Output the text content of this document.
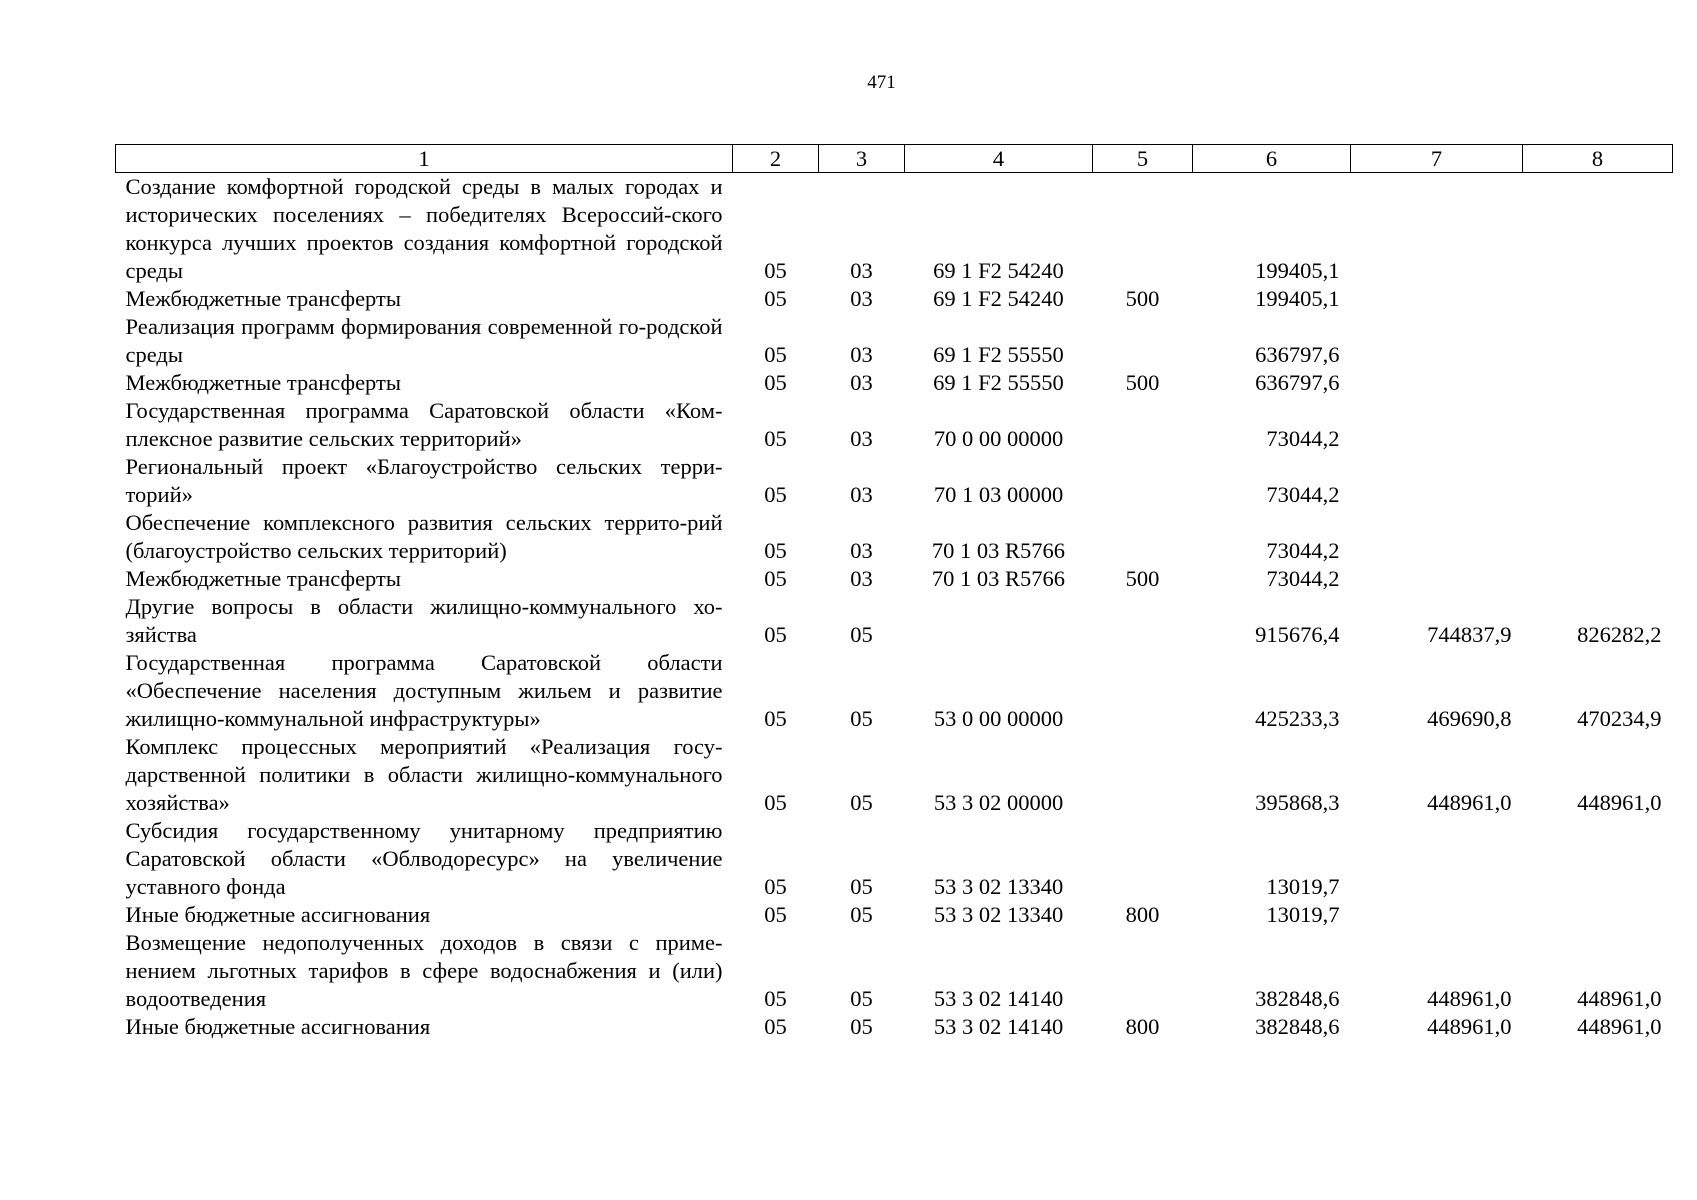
471
1	2	3	4	5	6	7	8
Создание комфортной городской среды в малых городах и исторических поселениях – победителях Всероссий-ского конкурса лучших проектов создания комфортной городской среды	05	03	69 1 F2 54240		199405,1		
Межбюджетные трансферты	05	03	69 1 F2 54240	500	199405,1		
Реализация программ формирования современной го-родской среды	05	03	69 1 F2 55550		636797,6		
Межбюджетные трансферты	05	03	69 1 F2 55550	500	636797,6		
Государственная программа Саратовской области «Ком-плексное развитие сельских территорий»	05	03	70 0 00 00000		73044,2		
Региональный проект «Благоустройство сельских терри-торий»	05	03	70 1 03 00000		73044,2		
Обеспечение комплексного развития сельских террито-рий (благоустройство сельских территорий)	05	03	70 1 03 R5766		73044,2		
Межбюджетные трансферты	05	03	70 1 03 R5766	500	73044,2		
Другие вопросы в области жилищно-коммунального хо-зяйства	05	05			915676,4	744837,9	826282,2
Государственная программа Саратовской области «Обеспечение населения доступным жильем и развитие жилищно-коммунальной инфраструктуры»	05	05	53 0 00 00000		425233,3	469690,8	470234,9
Комплекс процессных мероприятий «Реализация госу-дарственной политики в области жилищно-коммунального хозяйства»	05	05	53 3 02 00000		395868,3	448961,0	448961,0
Субсидия государственному унитарному предприятию Саратовской области «Облводоресурс» на увеличение уставного фонда	05	05	53 3 02 13340		13019,7		
Иные бюджетные ассигнования	05	05	53 3 02 13340	800	13019,7		
Возмещение недополученных доходов в связи с приме-нением льготных тарифов в сфере водоснабжения и (или) водоотведения	05	05	53 3 02 14140		382848,6	448961,0	448961,0
Иные бюджетные ассигнования	05	05	53 3 02 14140	800	382848,6	448961,0	448961,0
